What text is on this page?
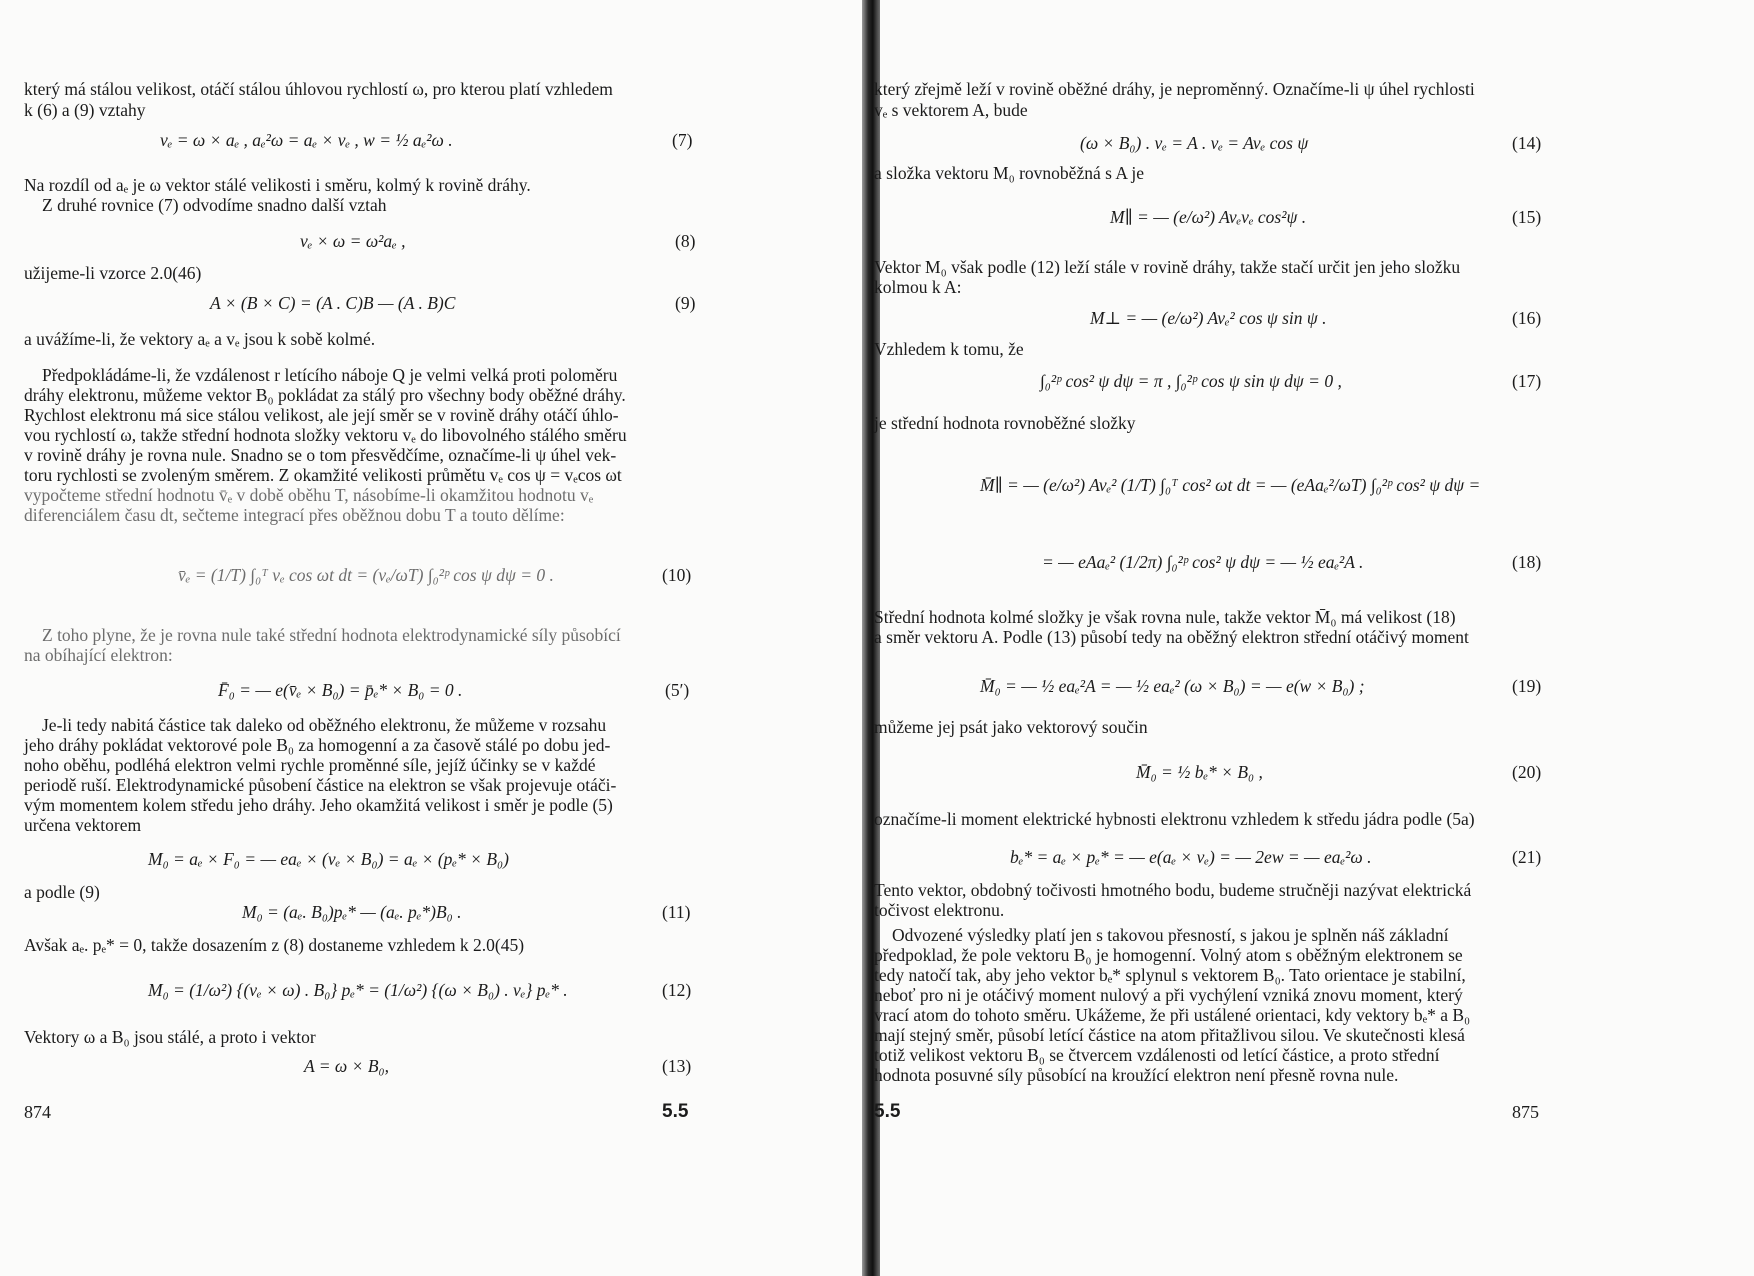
který má stálou velikost, otáčí stálou úhlovou rychlostí ω, pro kterou platí vzhledem
k (6) a (9) vztahy
vₑ = ω × aₑ , aₑ²ω = aₑ × vₑ , w = ½ aₑ²ω .	(7)
Na rozdíl od aₑ je ω vektor stálé velikosti i směru, kolmý k rovině dráhy.
Z druhé rovnice (7) odvodíme snadno další vztah
vₑ × ω = ω²aₑ ,	(8)
užijeme-li vzorce 2.0(46)
A × (B × C) = (A . C)B — (A . B)C	(9)
a uvážíme-li, že vektory aₑ a vₑ jsou k sobě kolmé.
Předpokládáme-li, že vzdálenost r letícího náboje Q je velmi velká proti poloměru
dráhy elektronu, můžeme vektor B₀ pokládat za stálý pro všechny body oběžné dráhy.
Rychlost elektronu má sice stálou velikost, ale její směr se v rovině dráhy otáčí úhlo-
vou rychlostí ω, takže střední hodnota složky vektoru vₑ do libovolného stálého směru
v rovině dráhy je rovna nule. Snadno se o tom přesvědčíme, označíme-li ψ úhel vek-
toru rychlosti se zvoleným směrem. Z okamžité velikosti průmětu vₑ cos ψ = vₑcos ωt
vypočteme střední hodnotu v̄ₑ v době oběhu T, násobíme-li okamžitou hodnotu vₑ
diferenciálem času dt, sečteme integrací přes oběžnou dobu T a touto dělíme:
v̄ₑ = (1/T) ∫₀ᵀ vₑ cos ωt dt = (vₑ/ωT) ∫₀²ᵖ cos ψ dψ = 0 .	(10)
Z toho plyne, že je rovna nule také střední hodnota elektrodynamické síly působící
na obíhající elektron:
F̄₀ = — e(v̄ₑ × B₀) = p̄ₑ* × B₀ = 0 .	(5′)
Je-li tedy nabitá částice tak daleko od oběžného elektronu, že můžeme v rozsahu
jeho dráhy pokládat vektorové pole B₀ za homogenní a za časově stálé po dobu jed-
noho oběhu, podléhá elektron velmi rychle proměnné síle, jejíž účinky se v každé
periodě ruší. Elektrodynamické působení částice na elektron se však projevuje otáči-
vým momentem kolem středu jeho dráhy. Jeho okamžitá velikost i směr je podle (5)
určena vektorem
M₀ = aₑ × F₀ = — eaₑ × (vₑ × B₀) = aₑ × (pₑ* × B₀)
a podle (9)
M₀ = (aₑ. B₀)pₑ* — (aₑ. pₑ*)B₀ .	(11)
Avšak aₑ. pₑ* = 0, takže dosazením z (8) dostaneme vzhledem k 2.0(45)
M₀ = (1/ω²) {(vₑ × ω) . B₀} pₑ* = (1/ω²) {(ω × B₀) . vₑ} pₑ* .	(12)
Vektory ω a B₀ jsou stálé, a proto i vektor
A = ω × B₀,	(13)
874	5.5
který zřejmě leží v rovině oběžné dráhy, je neproměnný. Označíme-li ψ úhel rychlosti
vₑ s vektorem A, bude
(ω × B₀) . vₑ = A . vₑ = Avₑ cos ψ	(14)
a složka vektoru M₀ rovnoběžná s A je
M∥ = — (e/ω²) Avₑvₑ cos²ψ .	(15)
Vektor M₀ však podle (12) leží stále v rovině dráhy, takže stačí určit jen jeho složku
kolmou k A:
M⊥ = — (e/ω²) Avₑ² cos ψ sin ψ .	(16)
Vzhledem k tomu, že
∫₀²ᵖ cos² ψ dψ = π , ∫₀²ᵖ cos ψ sin ψ dψ = 0 ,	(17)
je střední hodnota rovnoběžné složky
M̄∥ = — (e/ω²) Avₑ² (1/T) ∫₀ᵀ cos² ωt dt = — (eAaₑ²/ωT) ∫₀²ᵖ cos² ψ dψ =
= — eAaₑ² (1/2π) ∫₀²ᵖ cos² ψ dψ = — ½ eaₑ²A .	(18)
Střední hodnota kolmé složky je však rovna nule, takže vektor M̄₀ má velikost (18)
a směr vektoru A. Podle (13) působí tedy na oběžný elektron střední otáčivý moment
M̄₀ = — ½ eaₑ²A = — ½ eaₑ² (ω × B₀) = — e(w × B₀) ;	(19)
můžeme jej psát jako vektorový součin
M̄₀ = ½ bₑ* × B₀ ,	(20)
označíme-li moment elektrické hybnosti elektronu vzhledem k středu jádra podle (5a)
bₑ* = aₑ × pₑ* = — e(aₑ × vₑ) = — 2ew = — eaₑ²ω .	(21)
Tento vektor, obdobný točivosti hmotného bodu, budeme stručněji nazývat elektrická
točivost elektronu.
Odvozené výsledky platí jen s takovou přesností, s jakou je splněn náš základní
předpoklad, že pole vektoru B₀ je homogenní. Volný atom s oběžným elektronem se
tedy natočí tak, aby jeho vektor bₑ* splynul s vektorem B₀. Tato orientace je stabilní,
neboť pro ni je otáčivý moment nulový a při vychýlení vzniká znovu moment, který
vrací atom do tohoto směru. Ukážeme, že při ustálené orientaci, kdy vektory bₑ* a B₀
mají stejný směr, působí letící částice na atom přitažlivou silou. Ve skutečnosti klesá
totiž velikost vektoru B₀ se čtvercem vzdálenosti od letící částice, a proto střední
hodnota posuvné síly působící na kroužící elektron není přesně rovna nule.
5.5	875
